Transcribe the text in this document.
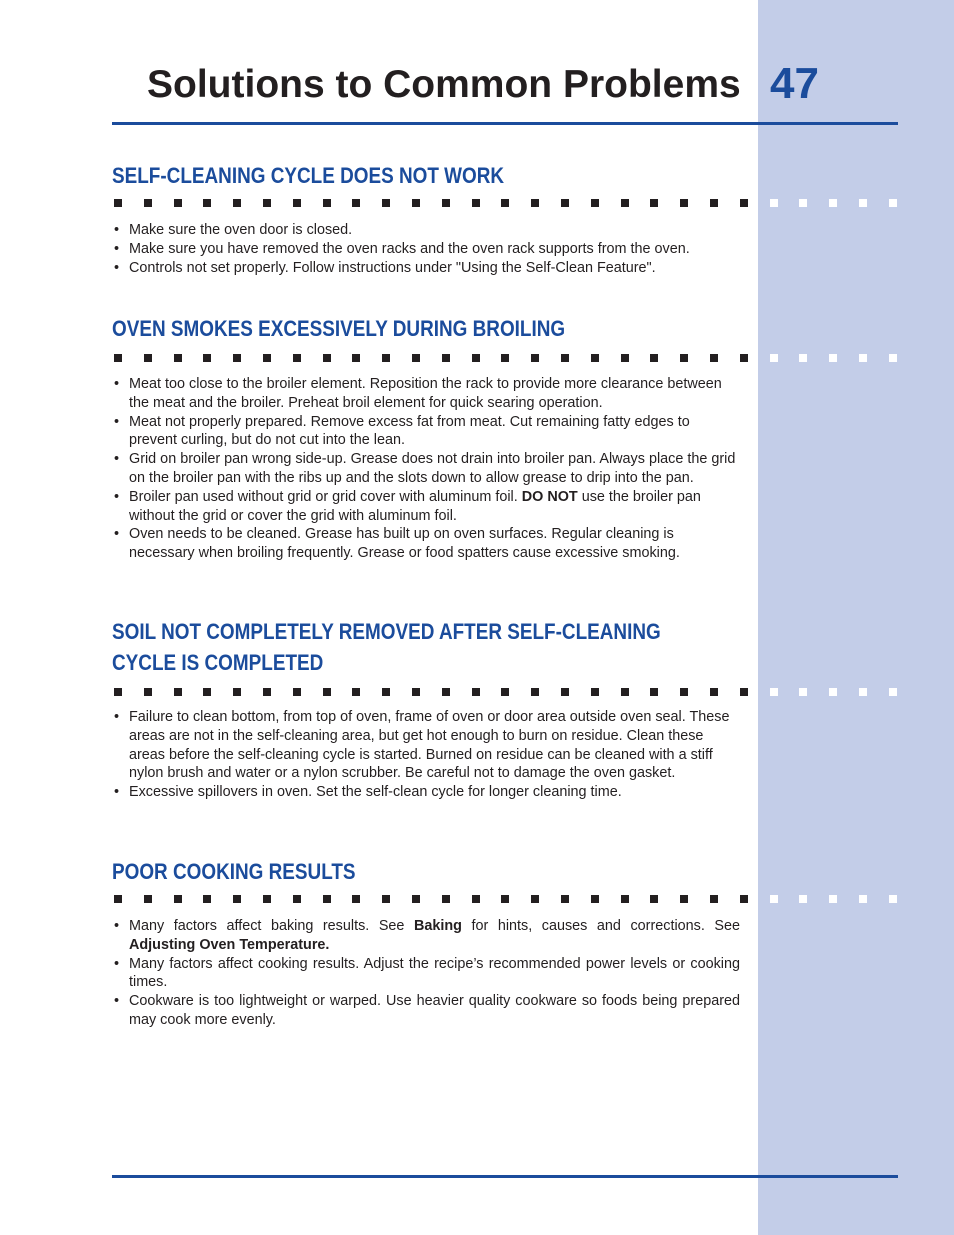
Solutions to Common Problems 47
SELF-CLEANING CYCLE DOES NOT WORK
• Make sure the oven door is closed.
• Make sure you have removed the oven racks and the oven rack supports from the oven.
• Controls not set properly. Follow instructions under "Using the Self-Clean Feature".
OVEN SMOKES EXCESSIVELY DURING BROILING
• Meat too close to the broiler element. Reposition the rack to provide more clearance between the meat and the broiler. Preheat broil element for quick searing operation.
• Meat not properly prepared. Remove excess fat from meat. Cut remaining fatty edges to prevent curling, but do not cut into the lean.
• Grid on broiler pan wrong side-up. Grease does not drain into broiler pan. Always place the grid on the broiler pan with the ribs up and the slots down to allow grease to drip into the pan.
• Broiler pan used without grid or grid cover with aluminum foil. DO NOT use the broiler pan without the grid or cover the grid with aluminum foil.
• Oven needs to be cleaned. Grease has built up on oven surfaces. Regular cleaning is necessary when broiling frequently. Grease or food spatters cause excessive smoking.
SOIL NOT COMPLETELY REMOVED AFTER SELF-CLEANING
CYCLE IS COMPLETED
• Failure to clean bottom, from top of oven, frame of oven or door area outside oven seal. These areas are not in the self-cleaning area, but get hot enough to burn on residue. Clean these areas before the self-cleaning cycle is started. Burned on residue can be cleaned with a stiff nylon brush and water or a nylon scrubber. Be careful not to damage the oven gasket.
• Excessive spillovers in oven. Set the self-clean cycle for longer cleaning time.
POOR COOKING RESULTS
• Many factors affect baking results. See Baking for hints, causes and corrections. See Adjusting Oven Temperature.
• Many factors affect cooking results. Adjust the recipe’s recommended power levels or cooking times.
• Cookware is too lightweight or warped. Use heavier quality cookware so foods being prepared may cook more evenly.
